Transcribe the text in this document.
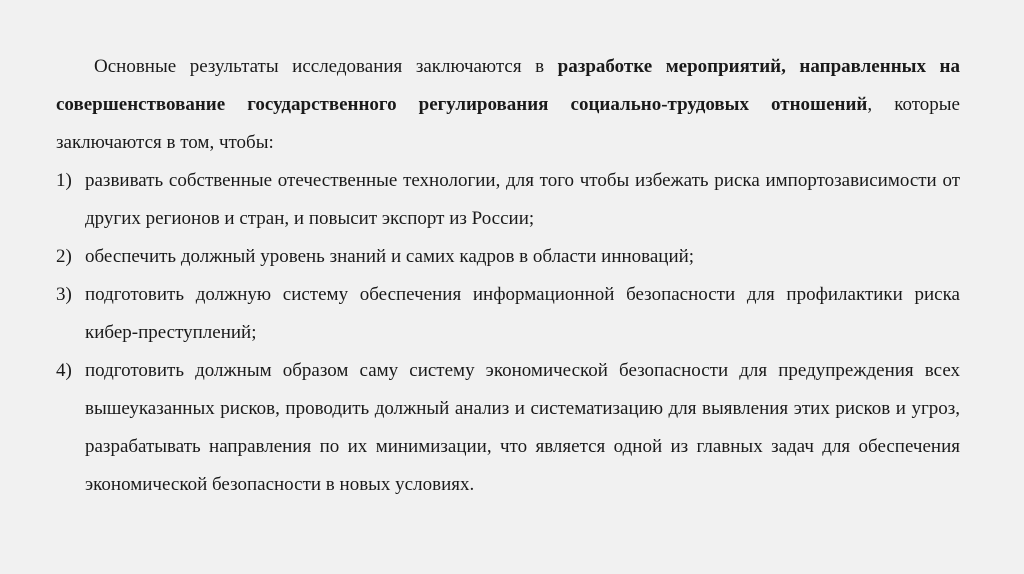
Основные результаты исследования заключаются в разработке мероприятий, направленных на совершенствование государственного регулирования социально-трудовых отношений, которые заключаются в том, чтобы:

1) развивать собственные отечественные технологии, для того чтобы избежать риска импортозависимости от других регионов и стран, и повысит экспорт из России;
2) обеспечить должный уровень знаний и самих кадров в области инноваций;
3) подготовить должную систему обеспечения информационной безопасности для профилактики риска кибер-преступлений;
4) подготовить должным образом саму систему экономической безопасности для предупреждения всех вышеуказанных рисков, проводить должный анализ и систематизацию для выявления этих рисков и угроз, разрабатывать направления по их минимизации, что является одной из главных задач для обеспечения экономической безопасности в новых условиях.
